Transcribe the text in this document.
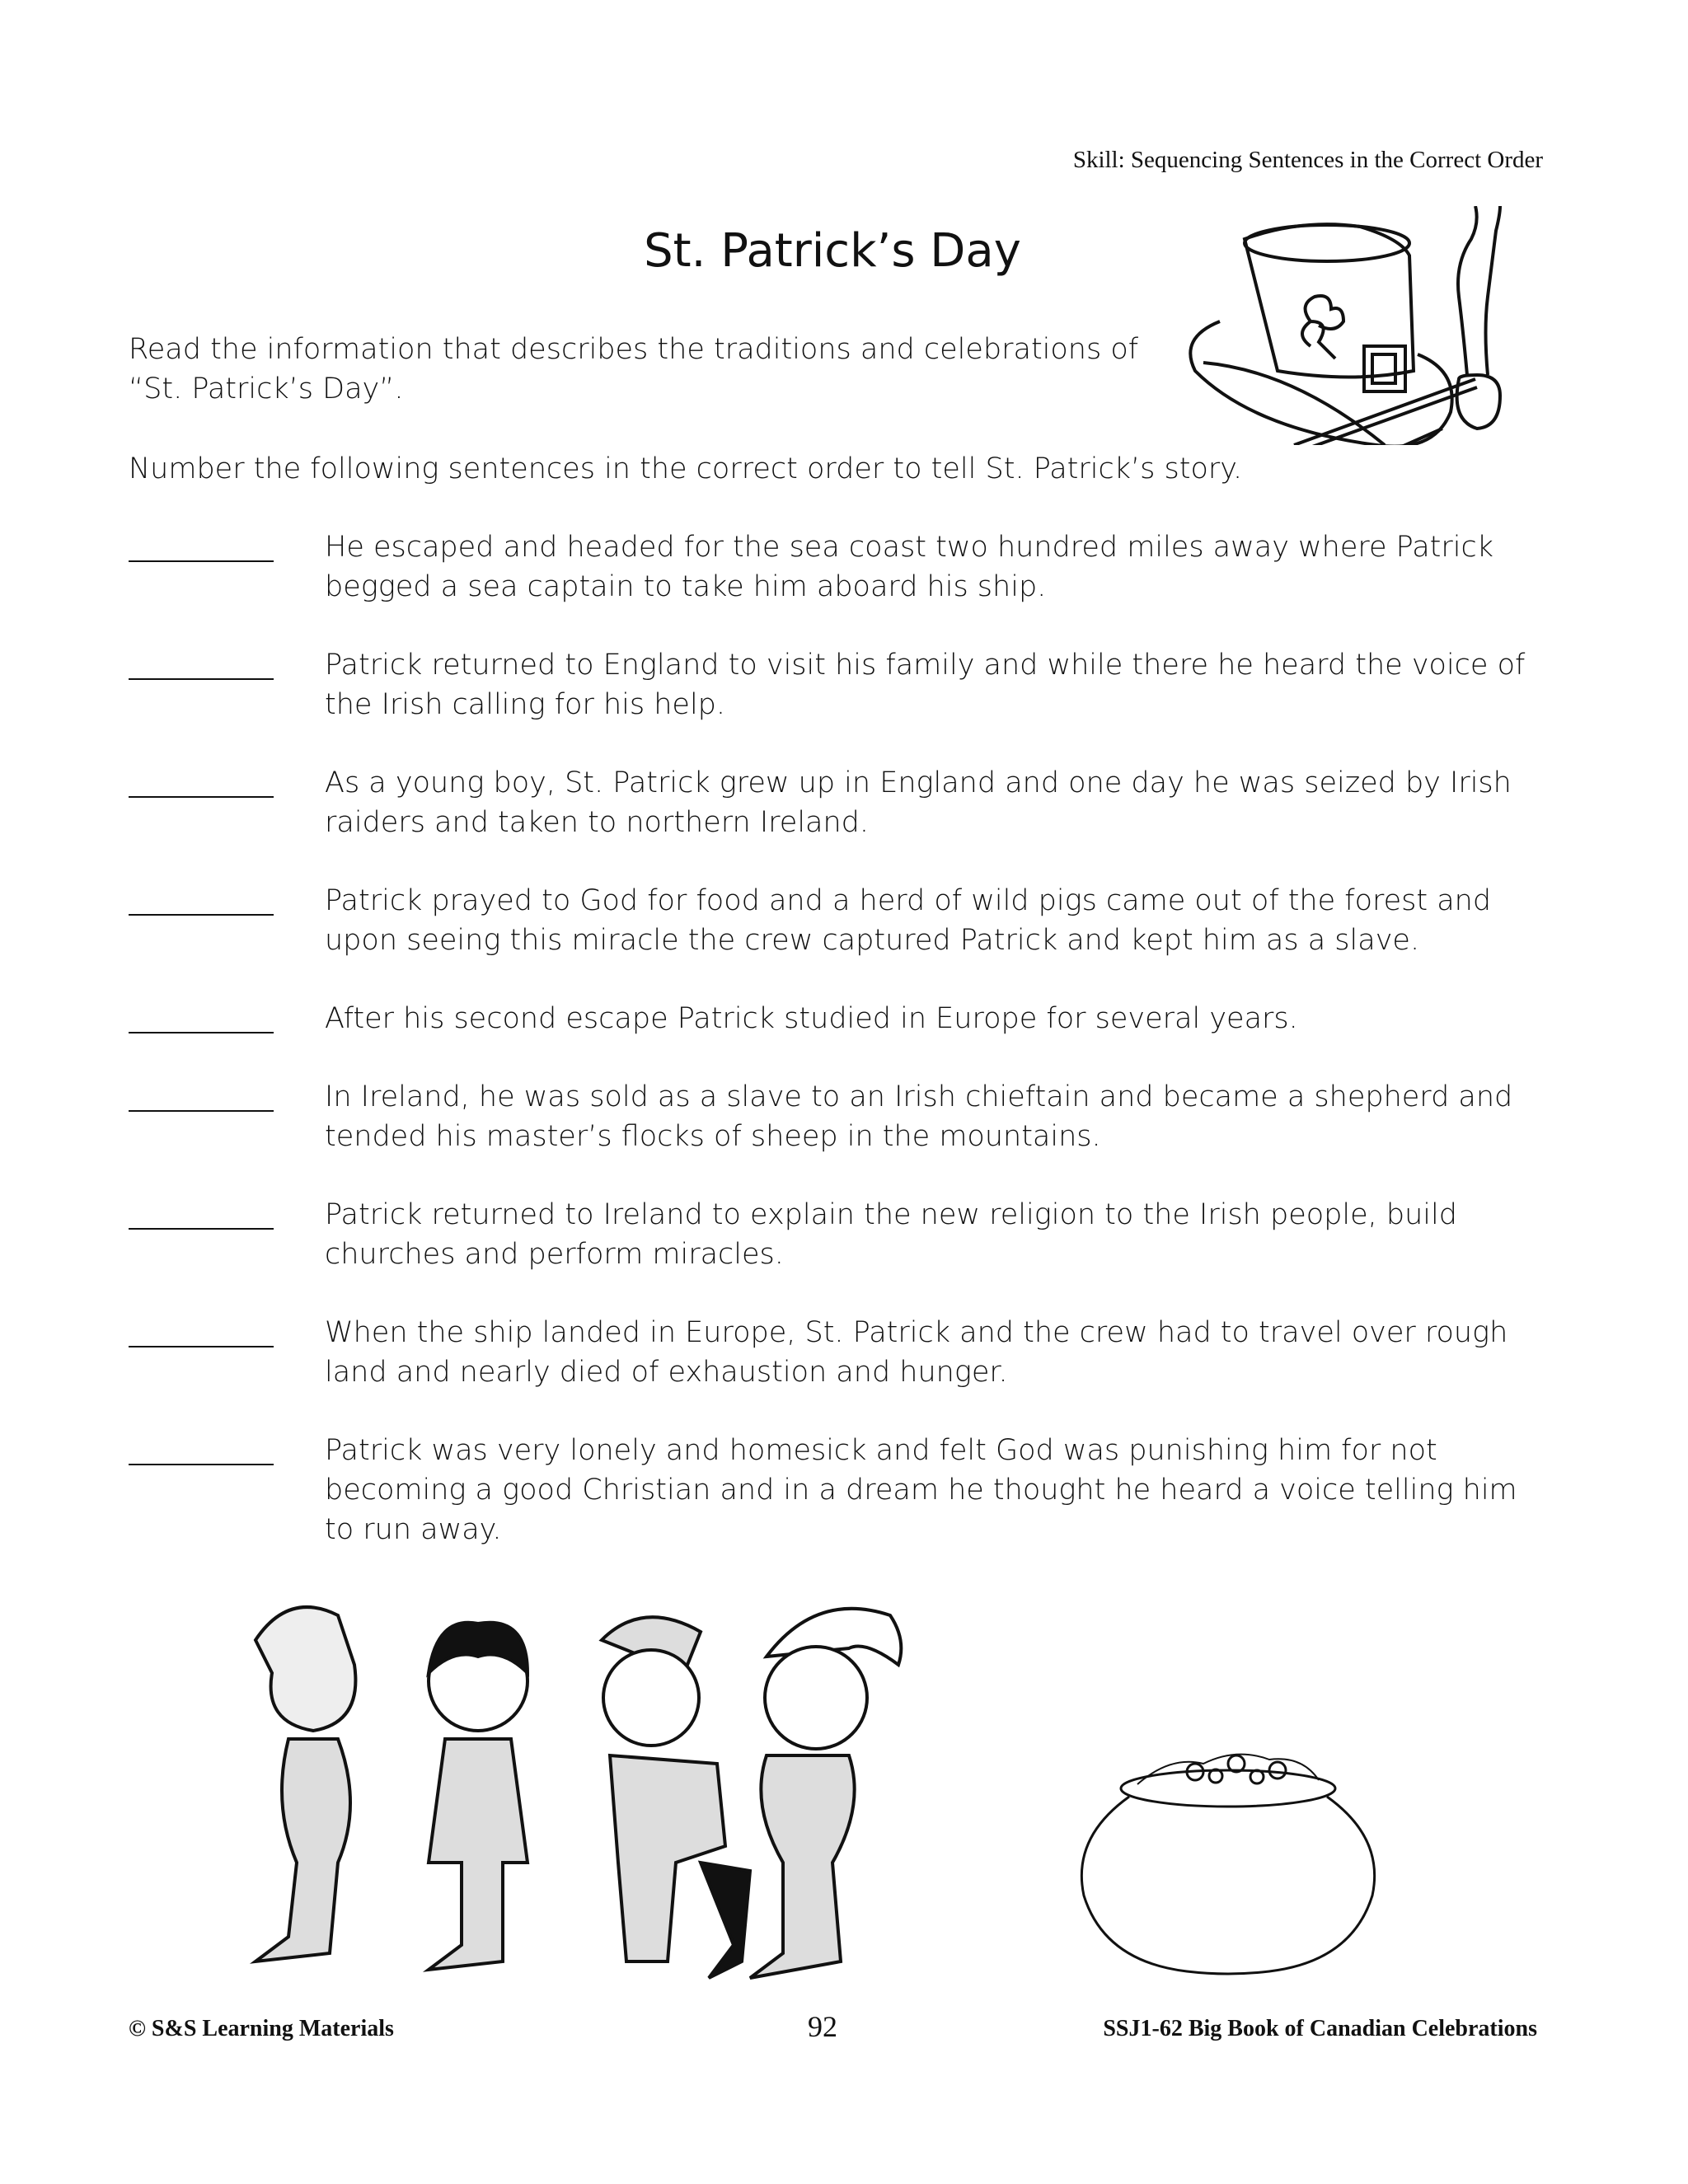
Skill: Sequencing Sentences in the Correct Order
St. Patrick’s Day
Read the information that describes the traditions and celebrations of “St. Patrick’s Day”.
Number the following sentences in the correct order to tell St. Patrick’s story.
He escaped and headed for the sea coast two hundred miles away where Patrick begged a sea captain to take him aboard his ship.
Patrick returned to England to visit his family and while there he heard the voice of the Irish calling for his help.
As a young boy, St. Patrick grew up in England and one day he was seized by Irish raiders and taken to northern Ireland.
Patrick prayed to God for food and a herd of wild pigs came out of the forest and upon seeing this miracle the crew captured Patrick and kept him as a slave.
After his second escape Patrick studied in Europe for several years.
In Ireland, he was sold as a slave to an Irish chieftain and became a shepherd and tended his master’s flocks of sheep in the mountains.
Patrick returned to Ireland to explain the new religion to the Irish people, build churches and perform miracles.
When the ship landed in Europe, St. Patrick and the crew had to travel over rough land and nearly died of exhaustion and hunger.
Patrick was very lonely and homesick and felt God was punishing him for not becoming a good Christian and in a dream he thought he heard a voice telling him to run away.
© S&S Learning Materials	92	SSJ1-62 Big Book of Canadian Celebrations
